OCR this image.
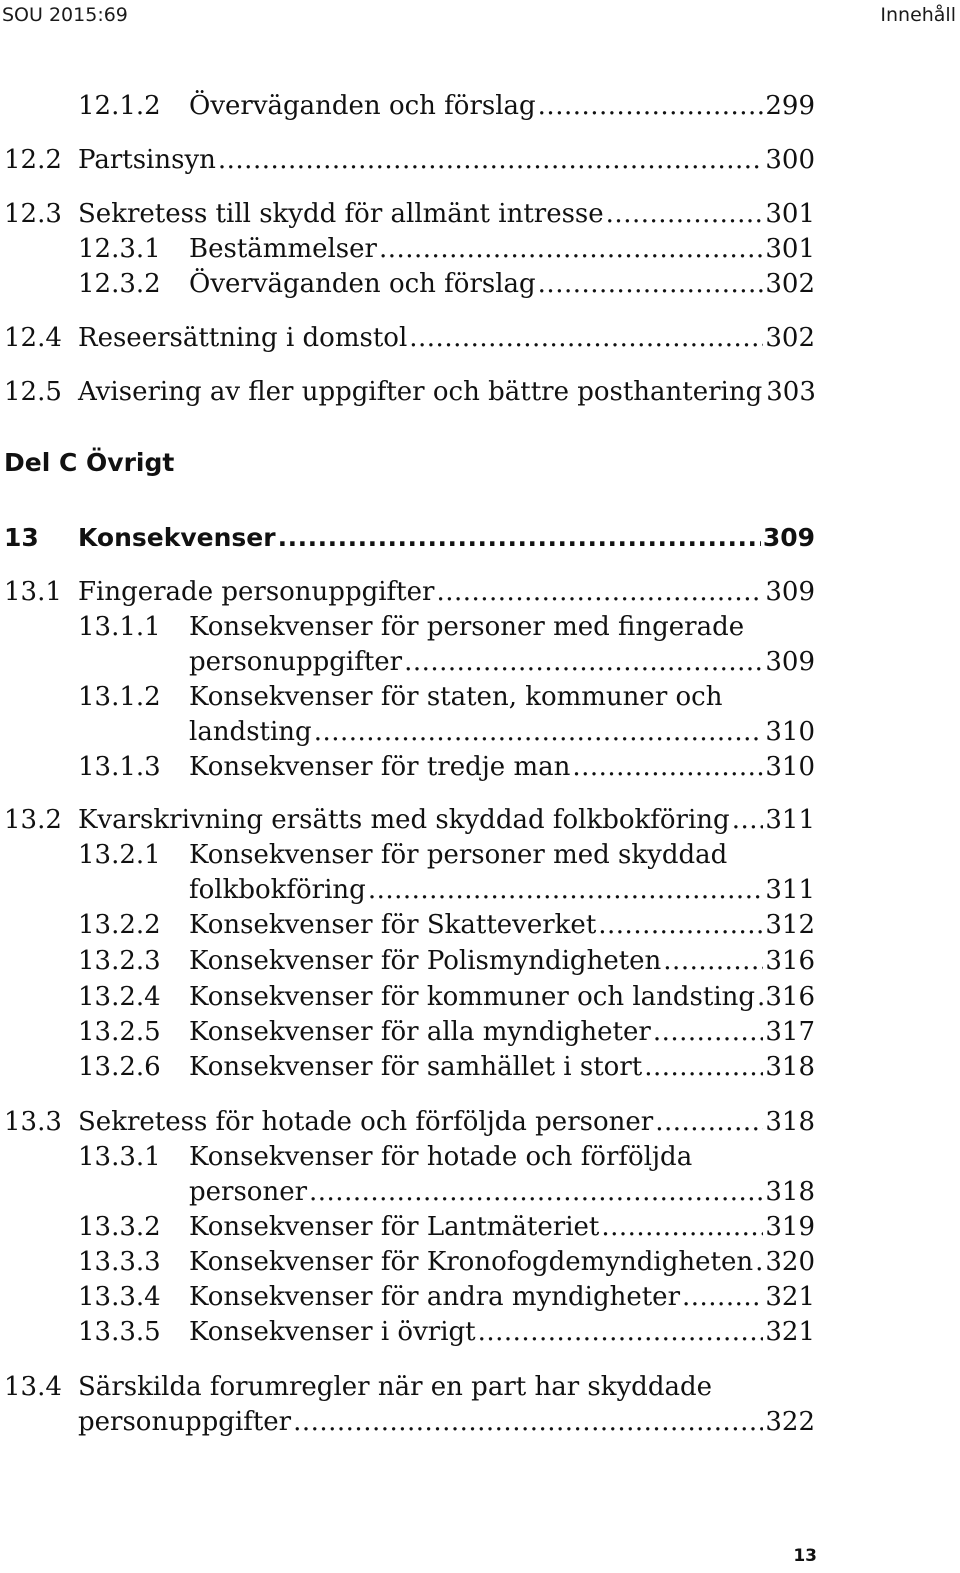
SOU 2015:69	Innehåll
12.1.2 Överväganden och förslag .....	299
12.2 Partsinsyn .....	300
12.3 Sekretess till skydd för allmänt intresse .....	301
12.3.1 Bestämmelser .....	301
12.3.2 Överväganden och förslag .....	302
12.4 Reseersättning i domstol .....	302
12.5 Avisering av fler uppgifter och bättre posthantering 303
Del C Övrigt
13 Konsekvenser .....	309
13.1 Fingerade personuppgifter .....	309
13.1.1 Konsekvenser för personer med fingerade
personuppgifter .....	309
13.1.2 Konsekvenser för staten, kommuner och
landsting .....	310
13.1.3 Konsekvenser för tredje man .....	310
13.2 Kvarskrivning ersätts med skyddad folkbokföring ..... 311
13.2.1 Konsekvenser för personer med skyddad
folkbokföring .....	311
13.2.2 Konsekvenser för Skatteverket .....	312
13.2.3 Konsekvenser för Polismyndigheten .....	316
13.2.4 Konsekvenser för kommuner och landsting ..... 316
13.2.5 Konsekvenser för alla myndigheter .....	317
13.2.6 Konsekvenser för samhället i stort .....	318
13.3 Sekretess för hotade och förföljda personer .....	318
13.3.1 Konsekvenser för hotade och förföljda
personer .....	318
13.3.2 Konsekvenser för Lantmäteriet .....	319
13.3.3 Konsekvenser för Kronofogdemyndigheten ..... 320
13.3.4 Konsekvenser för andra myndigheter .....	321
13.3.5 Konsekvenser i övrigt .....	321
13.4 Särskilda forumregler när en part har skyddade
personuppgifter .....	322
13
